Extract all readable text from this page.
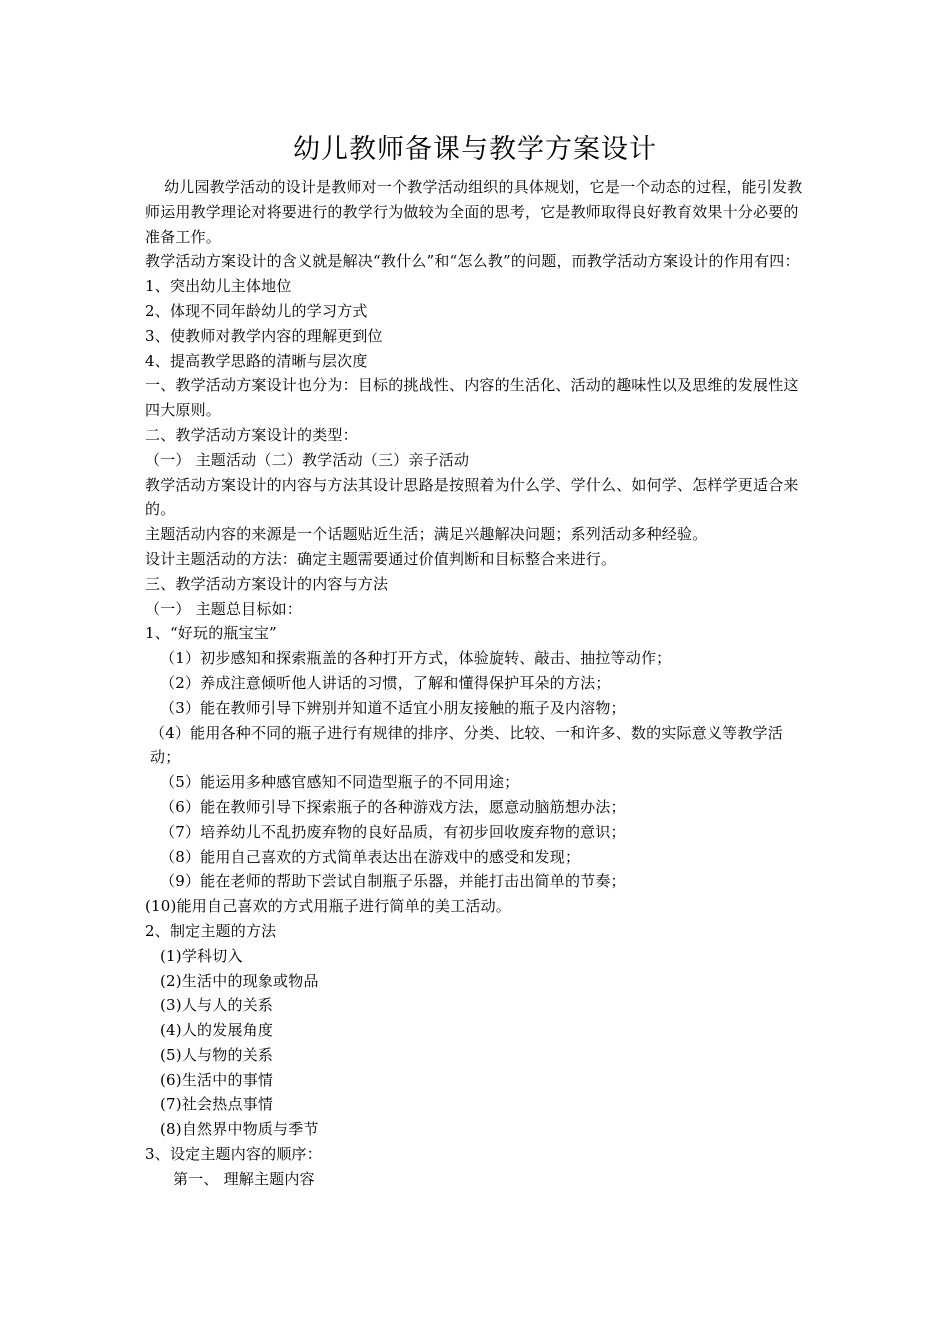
幼儿教师备课与教学方案设计

幼儿园教学活动的设计是教师对一个教学活动组织的具体规划，它是一个动态的过程，能引发教师运用教学理论对将要进行的教学行为做较为全面的思考，它是教师取得良好教育效果十分必要的准备工作。

教学活动方案设计的含义就是解决“教什么”和“怎么教”的问题，而教学活动方案设计的作用有四：

1、突出幼儿主体地位

2、体现不同年龄幼儿的学习方式

3、使教师对教学内容的理解更到位

4、提高教学思路的清晰与层次度

一、教学活动方案设计也分为：目标的挑战性、内容的生活化、活动的趣味性以及思维的发展性这四大原则。

二、教学活动方案设计的类型：

（一） 主题活动（二）教学活动（三）亲子活动

教学活动方案设计的内容与方法其设计思路是按照着为什么学、学什么、如何学、怎样学更适合来的。

主题活动内容的来源是一个话题贴近生活；满足兴趣解决问题；系列活动多种经验。

设计主题活动的方法：确定主题需要通过价值判断和目标整合来进行。

三、教学活动方案设计的内容与方法

（一） 主题总目标如：

1、“好玩的瓶宝宝”

（1）初步感知和探索瓶盖的各种打开方式，体验旋转、敲击、抽拉等动作；

（2）养成注意倾听他人讲话的习惯，了解和懂得保护耳朵的方法；

（3）能在教师引导下辨别并知道不适宜小朋友接触的瓶子及内溶物；

（4）能用各种不同的瓶子进行有规律的排序、分类、比较、一和许多、数的实际意义等教学活动；

（5）能运用多种感官感知不同造型瓶子的不同用途；

（6）能在教师引导下探索瓶子的各种游戏方法，愿意动脑筋想办法；

（7）培养幼儿不乱扔废弃物的良好品质，有初步回收废弃物的意识；

（8）能用自己喜欢的方式简单表达出在游戏中的感受和发现；

（9）能在老师的帮助下尝试自制瓶子乐器，并能打击出简单的节奏；

(10)能用自己喜欢的方式用瓶子进行简单的美工活动。

2、制定主题的方法

(1)学科切入

(2)生活中的现象或物品

(3)人与人的关系

(4)人的发展角度

(5)人与物的关系

(6)生活中的事情

(7)社会热点事情

(8)自然界中物质与季节

3、设定主题内容的顺序：

第一、 理解主题内容
